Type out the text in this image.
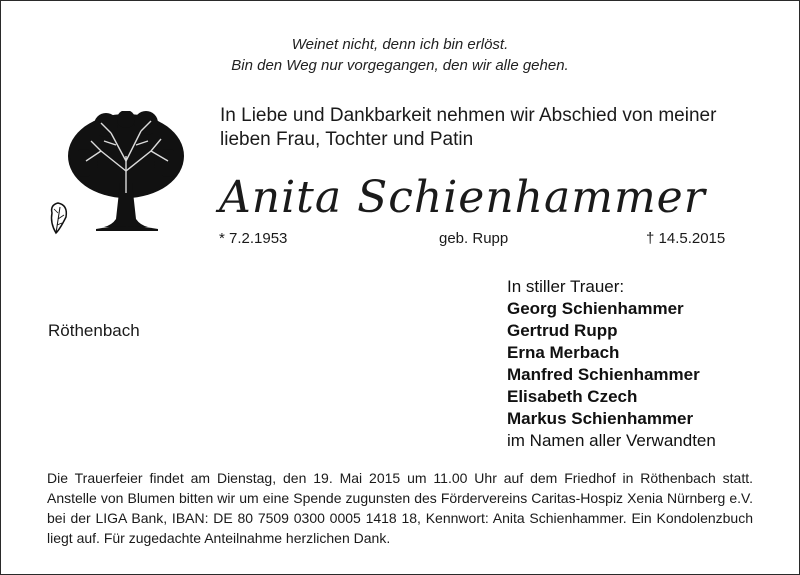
Weinet nicht, denn ich bin erlöst.
Bin den Weg nur vorgegangen, den wir alle gehen.
In Liebe und Dankbarkeit nehmen wir Abschied von meiner
lieben Frau, Tochter und Patin
Anita Schienhammer
* 7.2.1953	geb. Rupp	† 14.5.2015
Röthenbach
In stiller Trauer:
Georg Schienhammer
Gertrud Rupp
Erna Merbach
Manfred Schienhammer
Elisabeth Czech
Markus Schienhammer
im Namen aller Verwandten
Die Trauerfeier findet am Dienstag, den 19. Mai 2015 um 11.00 Uhr auf dem Friedhof in Röthenbach statt. Anstelle von Blumen bitten wir um eine Spende zugunsten des Fördervereins Caritas-Hospiz Xenia Nürnberg e.V. bei der LIGA Bank, IBAN: DE 80 7509 0300 0005 1418 18, Kennwort: Anita Schienhammer. Ein Kondolenzbuch liegt auf. Für zugedachte Anteilnahme herzlichen Dank.
